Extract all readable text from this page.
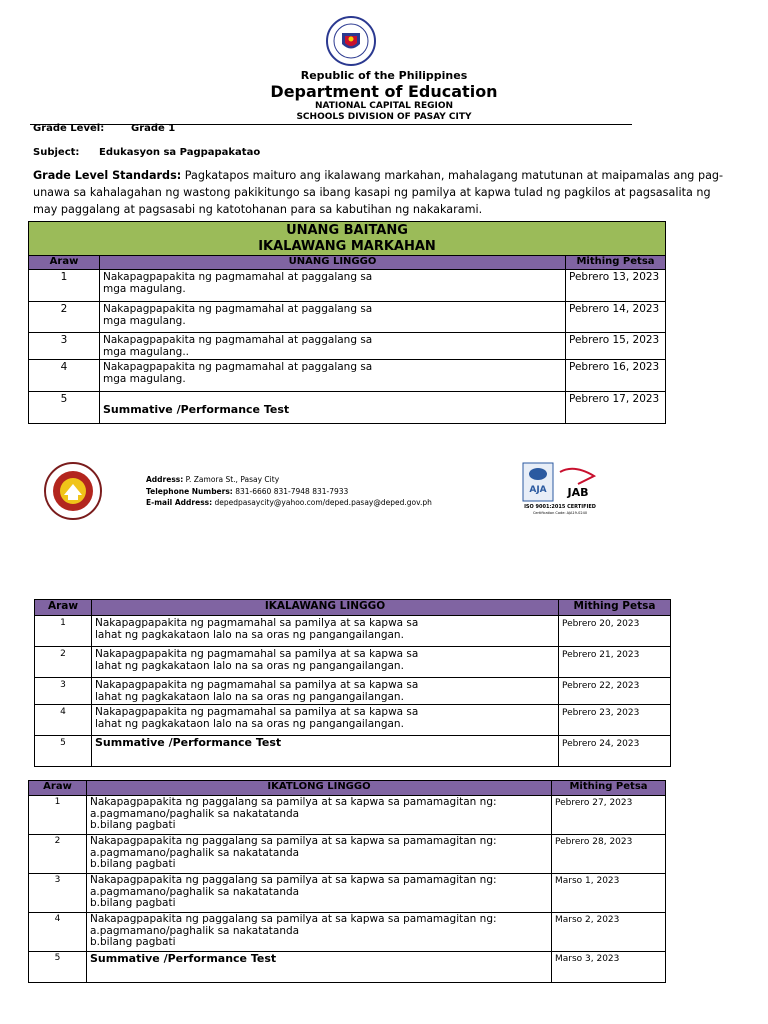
Republic of the Philippines
Department of Education
NATIONAL CAPITAL REGION
SCHOOLS DIVISION OF PASAY CITY
Grade Level:	Grade 1
Subject: Edukasyon sa Pagpapakatao
Grade Level Standards: Pagkatapos maituro ang ikalawang markahan, mahalagang matutunan at maipamalas ang pag-unawa sa kahalagahan ng wastong pakikitungo sa ibang kasapi ng pamilya at kapwa tulad ng pagkilos at pagsasalita ng may paggalang at pagsasabi ng katotohanan para sa kabutihan ng nakakarami.
UNANG BAITANG
IKALAWANG MARKAHAN		

Araw	UNANG LINGGO	Mithing Petsa
1	Nakapagpapakita ng pagmamahal at paggalang sa mga magulang.	Pebrero 13, 2023
2	Nakapagpapakita ng pagmamahal at paggalang sa mga magulang.	Pebrero 14, 2023
3	Nakapagpapakita ng pagmamahal at paggalang sa mga magulang..	Pebrero 15, 2023
4	Nakapagpapakita ng pagmamahal at paggalang sa mga magulang.	Pebrero 16, 2023
5	Summative /Performance Test	Pebrero 17, 2023
Address: P. Zamora St., Pasay City
Telephone Numbers: 831-6660 831-7948 831-7933
E-mail Address: depedpasaycity@yahoo.com/deped.pasay@deped.gov.ph
AJA JAB
ISO 9001:2015 CERTIFIED
Certification Code: AJA19-0240
Araw	IKALAWANG LINGGO	Mithing Petsa
1	Nakapagpapakita ng pagmamahal sa pamilya at sa kapwa sa lahat ng pagkakataon lalo na sa oras ng pangangailangan.	Pebrero 20, 2023
2	Nakapagpapakita ng pagmamahal sa pamilya at sa kapwa sa lahat ng pagkakataon lalo na sa oras ng pangangailangan.	Pebrero 21, 2023
3	Nakapagpapakita ng pagmamahal sa pamilya at sa kapwa sa lahat ng pagkakataon lalo na sa oras ng pangangailangan.	Pebrero 22, 2023
4	Nakapagpapakita ng pagmamahal sa pamilya at sa kapwa sa lahat ng pagkakataon lalo na sa oras ng pangangailangan.	Pebrero 23, 2023
5	Summative /Performance Test	Pebrero 24, 2023
Araw	IKATLONG LINGGO	Mithing Petsa
1	Nakapagpapakita ng paggalang sa pamilya at sa kapwa sa pamamagitan ng:
a.pagmamano/paghalik sa nakatatanda
b.bilang pagbati	Pebrero 27, 2023
2	Nakapagpapakita ng paggalang sa pamilya at sa kapwa sa pamamagitan ng:
a.pagmamano/paghalik sa nakatatanda
b.bilang pagbati	Pebrero 28, 2023
3	Nakapagpapakita ng paggalang sa pamilya at sa kapwa sa pamamagitan ng:
a.pagmamano/paghalik sa nakatatanda
b.bilang pagbati	Marso 1, 2023
4	Nakapagpapakita ng paggalang sa pamilya at sa kapwa sa pamamagitan ng:
a.pagmamano/paghalik sa nakatatanda
b.bilang pagbati	Marso 2, 2023
5	Summative /Performance Test	Marso 3, 2023
